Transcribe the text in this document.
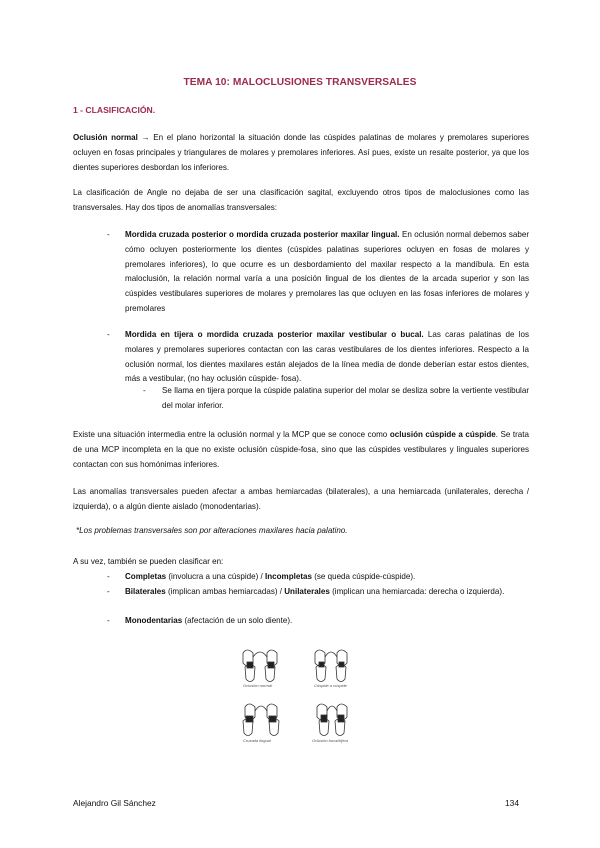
TEMA 10: MALOCLUSIONES TRANSVERSALES
1 - CLASIFICACIÓN.
Oclusión normal → En el plano horizontal la situación donde las cúspides palatinas de molares y premolares superiores ocluyen en fosas principales y triangulares de molares y premolares inferiores. Así pues, existe un resalte posterior, ya que los dientes superiores desbordan los inferiores.
La clasificación de Angle no dejaba de ser una clasificación sagital, excluyendo otros tipos de maloclusiones como las transversales. Hay dos tipos de anomalías transversales:
- Mordida cruzada posterior o mordida cruzada posterior maxilar lingual. En oclusión normal debemos saber cómo ocluyen posteriormente los dientes (cúspides palatinas superiores ocluyen en fosas de molares y premolares inferiores), lo que ocurre es un desbordamiento del maxilar respecto a la mandíbula. En esta maloclusión, la relación normal varía a una posición lingual de los dientes de la arcada superior y son las cúspides vestibulares superiores de molares y premolares las que ocluyen en las fosas inferiores de molares y premolares
- Mordida en tijera o mordida cruzada posterior maxilar vestibular o bucal. Las caras palatinas de los molares y premolares superiores contactan con las caras vestibulares de los dientes inferiores. Respecto a la oclusión normal, los dientes maxilares están alejados de la línea media de donde deberían estar estos dientes, más a vestibular, (no hay oclusión cúspide- fosa).
- Se llama en tijera porque la cúspide palatina superior del molar se desliza sobre la vertiente vestibular del molar inferior.
Existe una situación intermedia entre la oclusión normal y la MCP que se conoce como oclusión cúspide a cúspide. Se trata de una MCP incompleta en la que no existe oclusión cúspide-fosa, sino que las cúspides vestibulares y linguales superiores contactan con sus homónimas inferiores.
Las anomalías transversales pueden afectar a ambas hemiarcadas (bilaterales), a una hemiarcada (unilaterales, derecha / izquierda), o a algún diente aislado (monodentarias).
*Los problemas transversales son por alteraciones maxilares hacia palatino.
A su vez, también se pueden clasificar en:
- Completas (involucra a una cúspide) / Incompletas (se queda cúspide-cúspide).
- Bilaterales (implican ambas hemiarcadas) / Unilaterales (implican una hemiarcada: derecha o izquierda).
- Monodentarias (afectación de un solo diente).
Oclusión normal	Cúspide a cúspide
Cruzada lingual	Oclusión bucal/tijera
Alejandro Gil Sánchez	134
